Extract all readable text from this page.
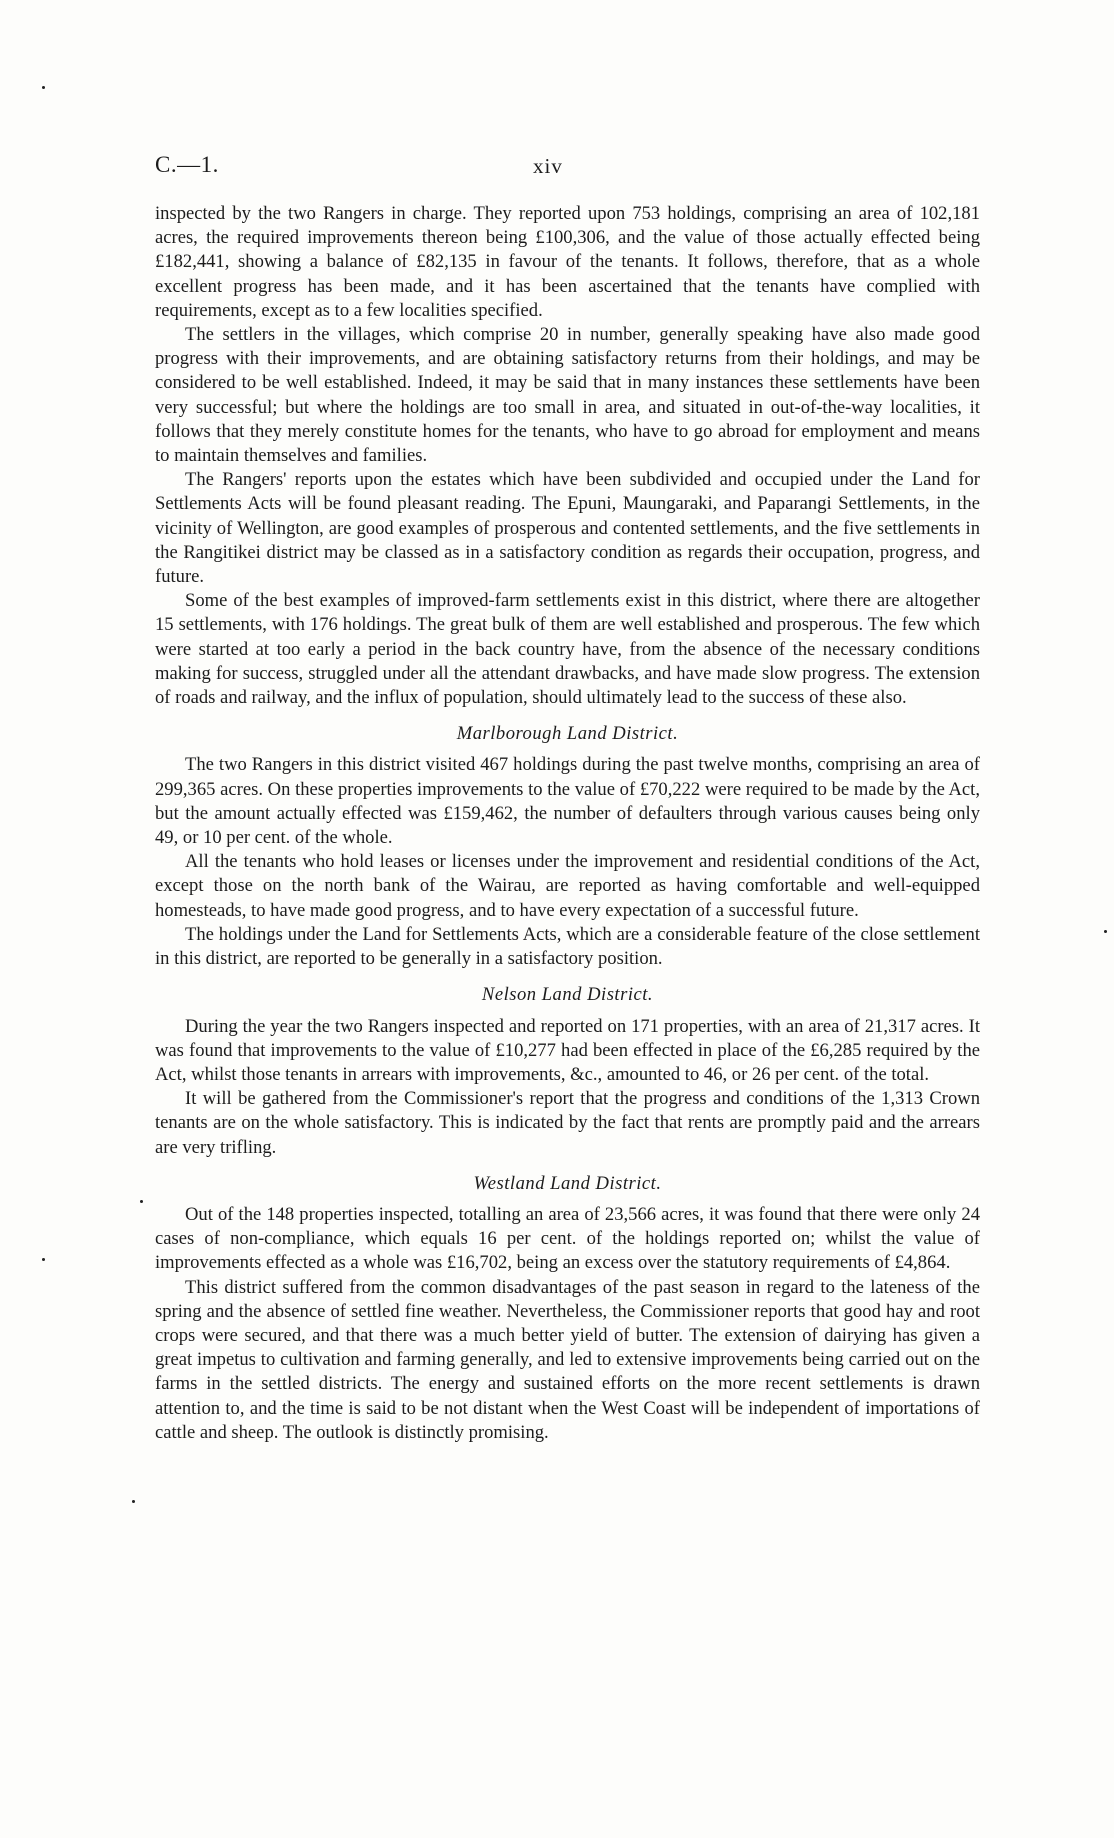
C.—1.	xiv

inspected by the two Rangers in charge. They reported upon 753 holdings, comprising an area of 102,181 acres, the required improvements thereon being £100,306, and the value of those actually effected being £182,441, showing a balance of £82,135 in favour of the tenants. It follows, therefore, that as a whole excellent progress has been made, and it has been ascertained that the tenants have complied with requirements, except as to a few localities specified.

The settlers in the villages, which comprise 20 in number, generally speaking have also made good progress with their improvements, and are obtaining satisfactory returns from their holdings, and may be considered to be well established. Indeed, it may be said that in many instances these settlements have been very successful; but where the holdings are too small in area, and situated in out-of-the-way localities, it follows that they merely constitute homes for the tenants, who have to go abroad for employment and means to maintain themselves and families.

The Rangers' reports upon the estates which have been subdivided and occupied under the Land for Settlements Acts will be found pleasant reading. The Epuni, Maungaraki, and Paparangi Settlements, in the vicinity of Wellington, are good examples of prosperous and contented settlements, and the five settlements in the Rangitikei district may be classed as in a satisfactory condition as regards their occupation, progress, and future.

Some of the best examples of improved-farm settlements exist in this district, where there are altogether 15 settlements, with 176 holdings. The great bulk of them are well established and prosperous. The few which were started at too early a period in the back country have, from the absence of the necessary conditions making for success, struggled under all the attendant drawbacks, and have made slow progress. The extension of roads and railway, and the influx of population, should ultimately lead to the success of these also.

Marlborough Land District.

The two Rangers in this district visited 467 holdings during the past twelve months, comprising an area of 299,365 acres. On these properties improvements to the value of £70,222 were required to be made by the Act, but the amount actually effected was £159,462, the number of defaulters through various causes being only 49, or 10 per cent. of the whole.

All the tenants who hold leases or licenses under the improvement and residential conditions of the Act, except those on the north bank of the Wairau, are reported as having comfortable and well-equipped homesteads, to have made good progress, and to have every expectation of a successful future.

The holdings under the Land for Settlements Acts, which are a considerable feature of the close settlement in this district, are reported to be generally in a satisfactory position.

Nelson Land District.

During the year the two Rangers inspected and reported on 171 properties, with an area of 21,317 acres. It was found that improvements to the value of £10,277 had been effected in place of the £6,285 required by the Act, whilst those tenants in arrears with improvements, &c., amounted to 46, or 26 per cent. of the total.

It will be gathered from the Commissioner's report that the progress and conditions of the 1,313 Crown tenants are on the whole satisfactory. This is indicated by the fact that rents are promptly paid and the arrears are very trifling.

Westland Land District.

Out of the 148 properties inspected, totalling an area of 23,566 acres, it was found that there were only 24 cases of non-compliance, which equals 16 per cent. of the holdings reported on; whilst the value of improvements effected as a whole was £16,702, being an excess over the statutory requirements of £4,864.

This district suffered from the common disadvantages of the past season in regard to the lateness of the spring and the absence of settled fine weather. Nevertheless, the Commissioner reports that good hay and root crops were secured, and that there was a much better yield of butter. The extension of dairying has given a great impetus to cultivation and farming generally, and led to extensive improvements being carried out on the farms in the settled districts. The energy and sustained efforts on the more recent settlements is drawn attention to, and the time is said to be not distant when the West Coast will be independent of importations of cattle and sheep. The outlook is distinctly promising.
